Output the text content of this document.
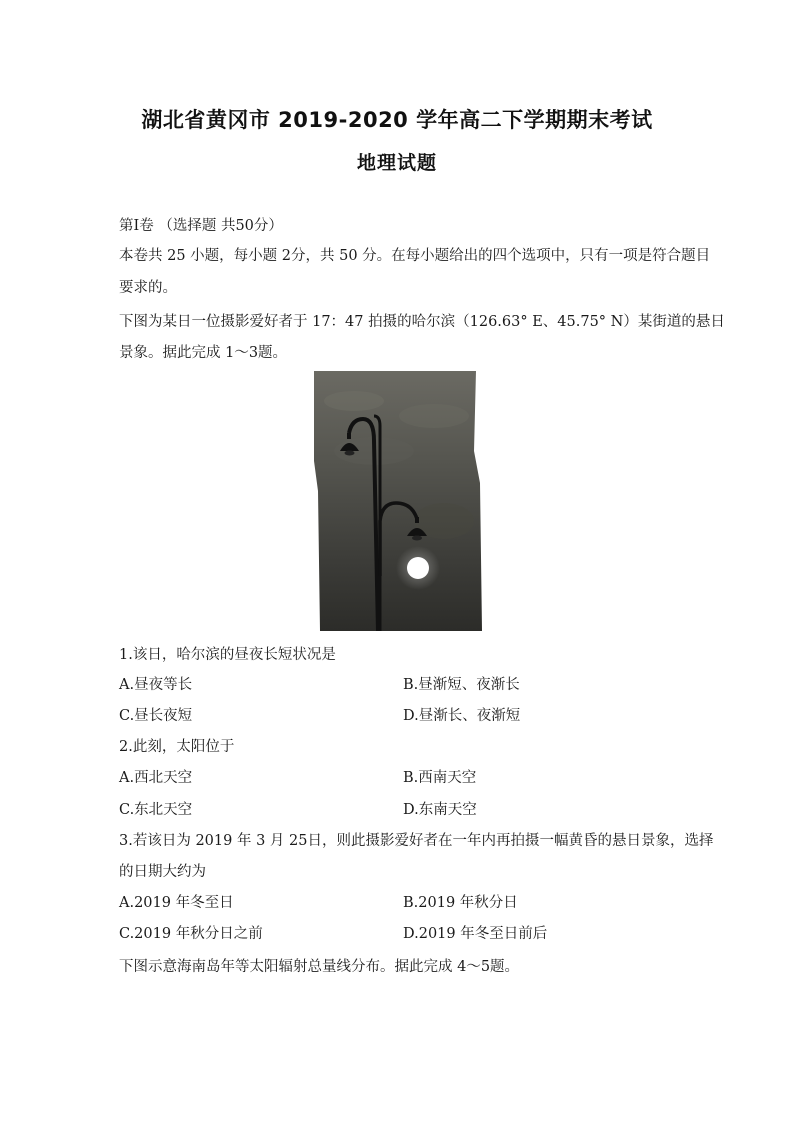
湖北省黄冈市 2019-2020 学年高二下学期期末考试
地理试题
第Ⅰ卷 （选择题 共50分）
本卷共 25 小题，每小题 2分，共 50 分。在每小题给出的四个选项中，只有一项是符合题目
要求的。
下图为某日一位摄影爱好者于 17：47 拍摄的哈尔滨（126.63° E、45.75° N）某街道的悬日
景象。据此完成 1～3题。
1.该日，哈尔滨的昼夜长短状况是
A.昼夜等长	B.昼渐短、夜渐长
C.昼长夜短	D.昼渐长、夜渐短
2.此刻，太阳位于
A.西北天空	B.西南天空
C.东北天空	D.东南天空
3.若该日为 2019 年 3 月 25日，则此摄影爱好者在一年内再拍摄一幅黄昏的悬日景象，选择
的日期大约为
A.2019 年冬至日	B.2019 年秋分日
C.2019 年秋分日之前	D.2019 年冬至日前后
下图示意海南岛年等太阳辐射总量线分布。据此完成 4～5题。
